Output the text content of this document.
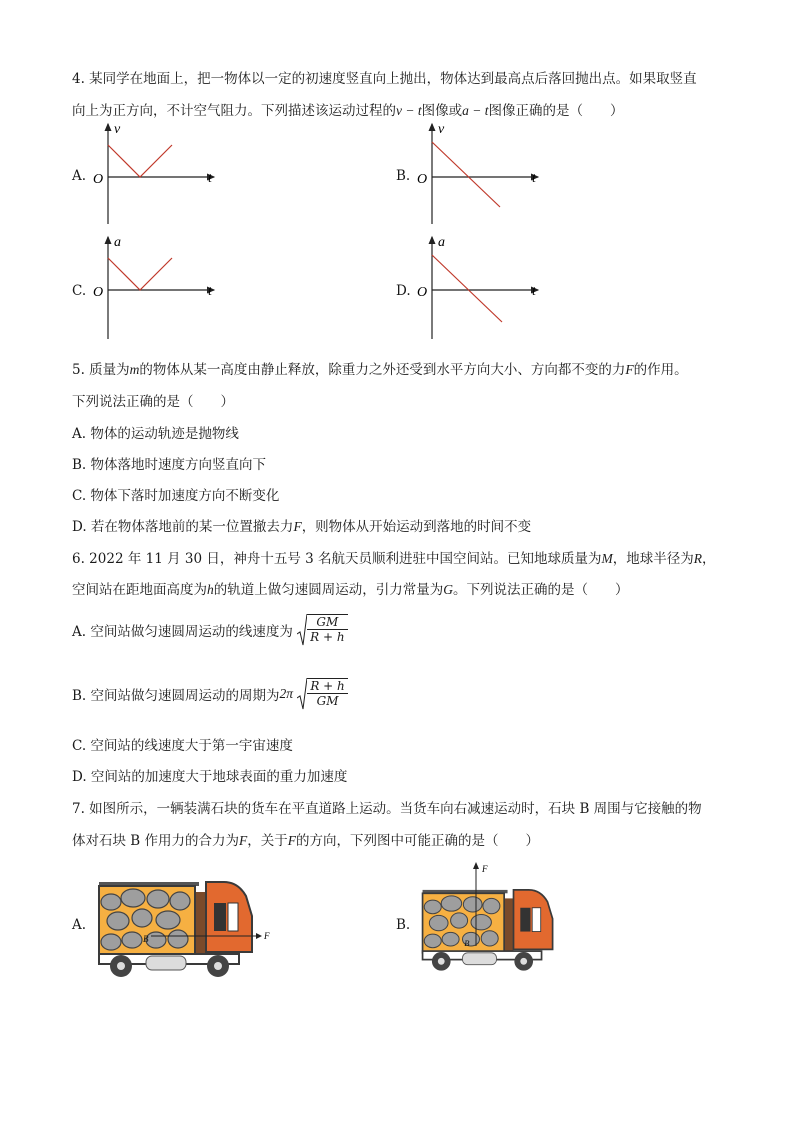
4. 某同学在地面上，把一物体以一定的初速度竖直向上抛出，物体达到最高点后落回抛出点。如果取竖直
向上为正方向，不计空气阻力。下列描述该运动过程的v − t图像或a − t图像正确的是（　　）
A.
v
O	t	B.
v
O	t
C.
a
O	t	D.
a
O	t
5. 质量为m的物体从某一高度由静止释放，除重力之外还受到水平方向大小、方向都不变的力F的作用。
下列说法正确的是（　　）
A. 物体的运动轨迹是抛物线
B. 物体落地时速度方向竖直向下
C. 物体下落时加速度方向不断变化
D. 若在物体落地前的某一位置撤去力F，则物体从开始运动到落地的时间不变
6. 2022 年 11 月 30 日，神舟十五号 3 名航天员顺利进驻中国空间站。已知地球质量为M，地球半径为R，
空间站在距地面高度为h的轨道上做匀速圆周运动，引力常量为G。下列说法正确的是（　　）
A. 空间站做匀速圆周运动的线速度为 $\frac{GM}{R + h}$
B. 空间站做匀速圆周运动的周期为$2\pi \frac{R + h}{GM}$
C. 空间站的线速度大于第一宇宙速度
D. 空间站的加速度大于地球表面的重力加速度
7. 如图所示，一辆装满石块的货车在平直道路上运动。当货车向右减速运动时，石块 B 周围与它接触的物
体对石块 B 作用力的合力为F，关于F的方向，下列图中可能正确的是（　　）
A.
B	F
B.
B
F
